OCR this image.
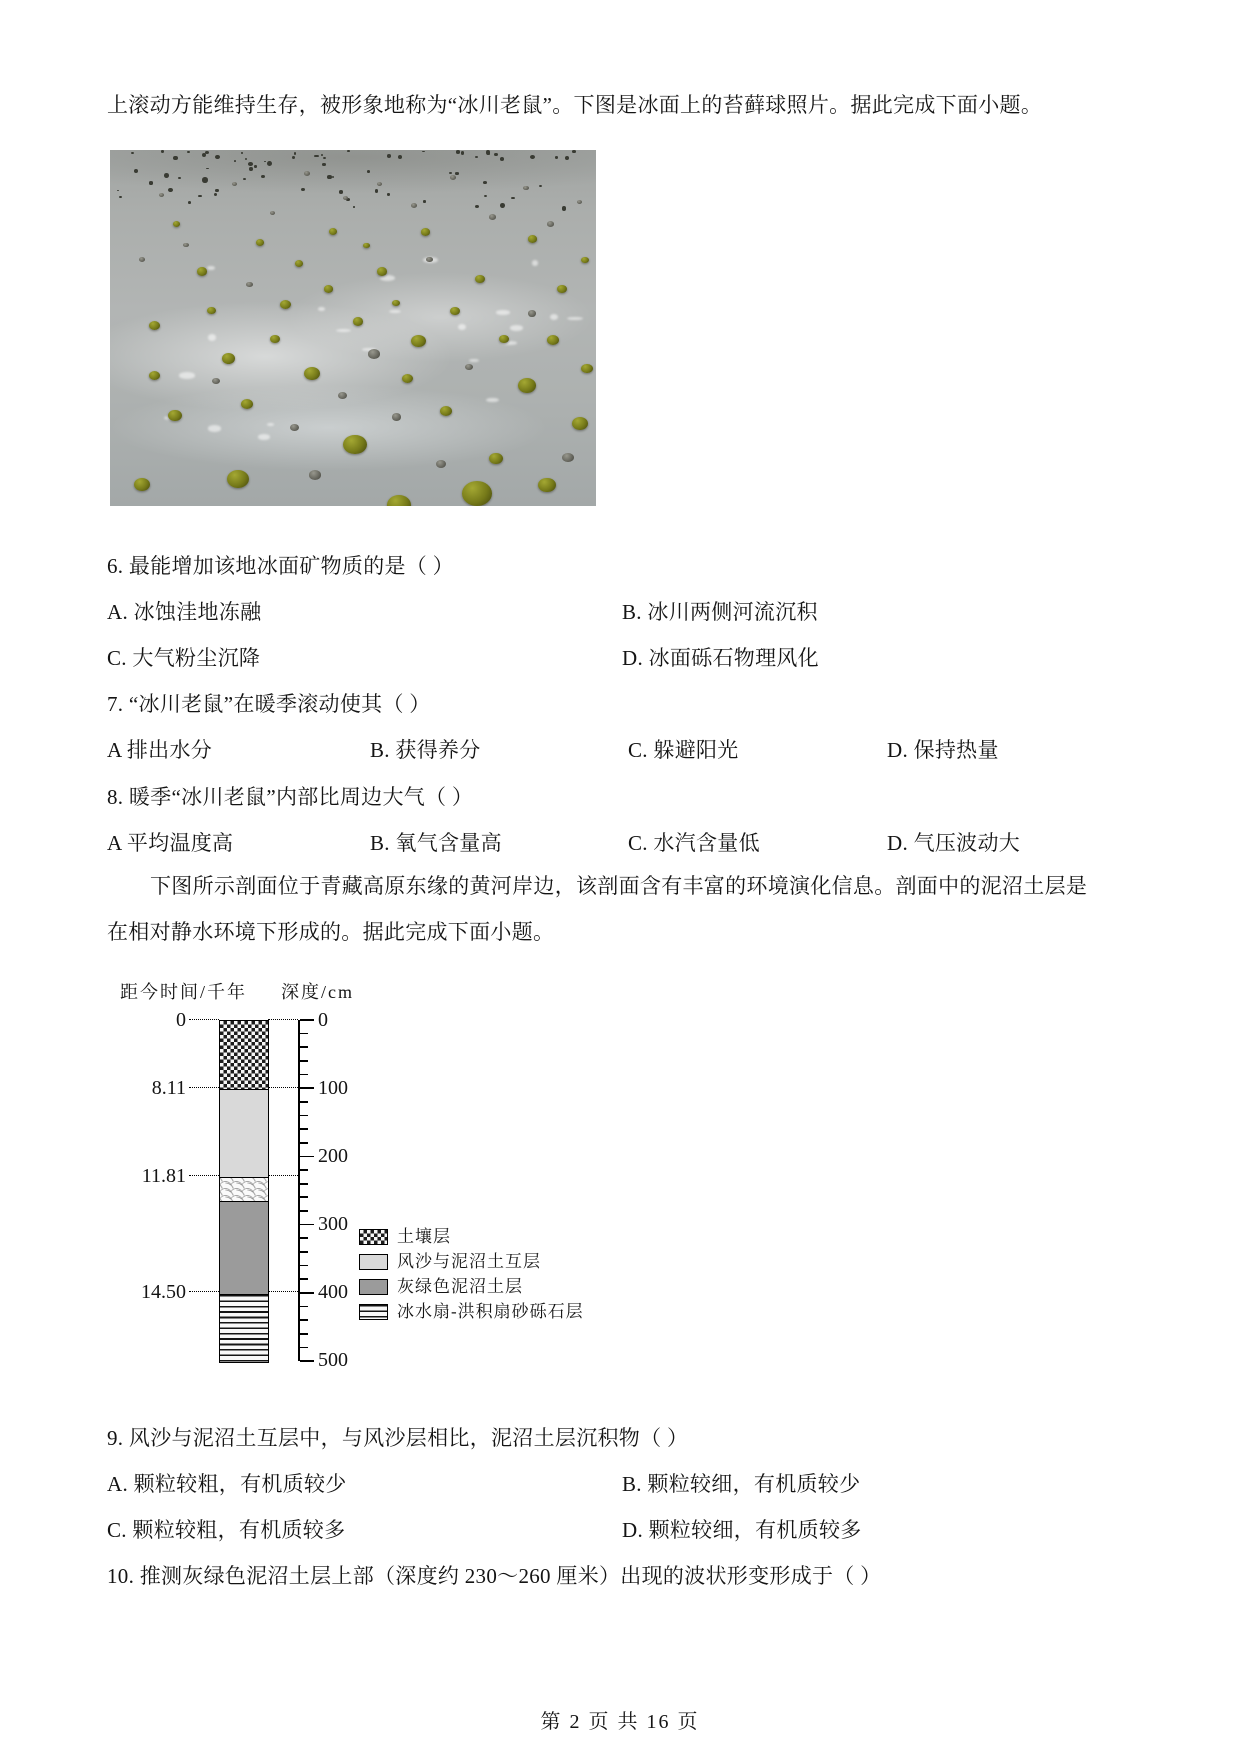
上滚动方能维持生存，被形象地称为“冰川老鼠”。下图是冰面上的苔藓球照片。据此完成下面小题。
6. 最能增加该地冰面矿物质的是（ ）
A. 冰蚀洼地冻融	B. 冰川两侧河流沉积
C. 大气粉尘沉降	D. 冰面砾石物理风化
7. “冰川老鼠”在暖季滚动使其（ ）
A 排出水分	B. 获得养分	C. 躲避阳光	D. 保持热量
8. 暖季“冰川老鼠”内部比周边大气（ ）
A 平均温度高	B. 氧气含量高	C. 水汽含量低	D. 气压波动大
下图所示剖面位于青藏高原东缘的黄河岸边，该剖面含有丰富的环境演化信息。剖面中的泥沼土层是
在相对静水环境下形成的。据此完成下面小题。
距今时间/千年 深度/cm
0
8.11
11.81
14.50
0
100
200
300
400
500
土壤层
风沙与泥沼土互层
灰绿色泥沼土层
冰水扇-洪积扇砂砾石层
9. 风沙与泥沼土互层中，与风沙层相比，泥沼土层沉积物（ ）
A. 颗粒较粗，有机质较少	B. 颗粒较细，有机质较少
C. 颗粒较粗，有机质较多	D. 颗粒较细，有机质较多
10. 推测灰绿色泥沼土层上部（深度约 230～260 厘米）出现的波状形变形成于（ ）
第 2 页 共 16 页
